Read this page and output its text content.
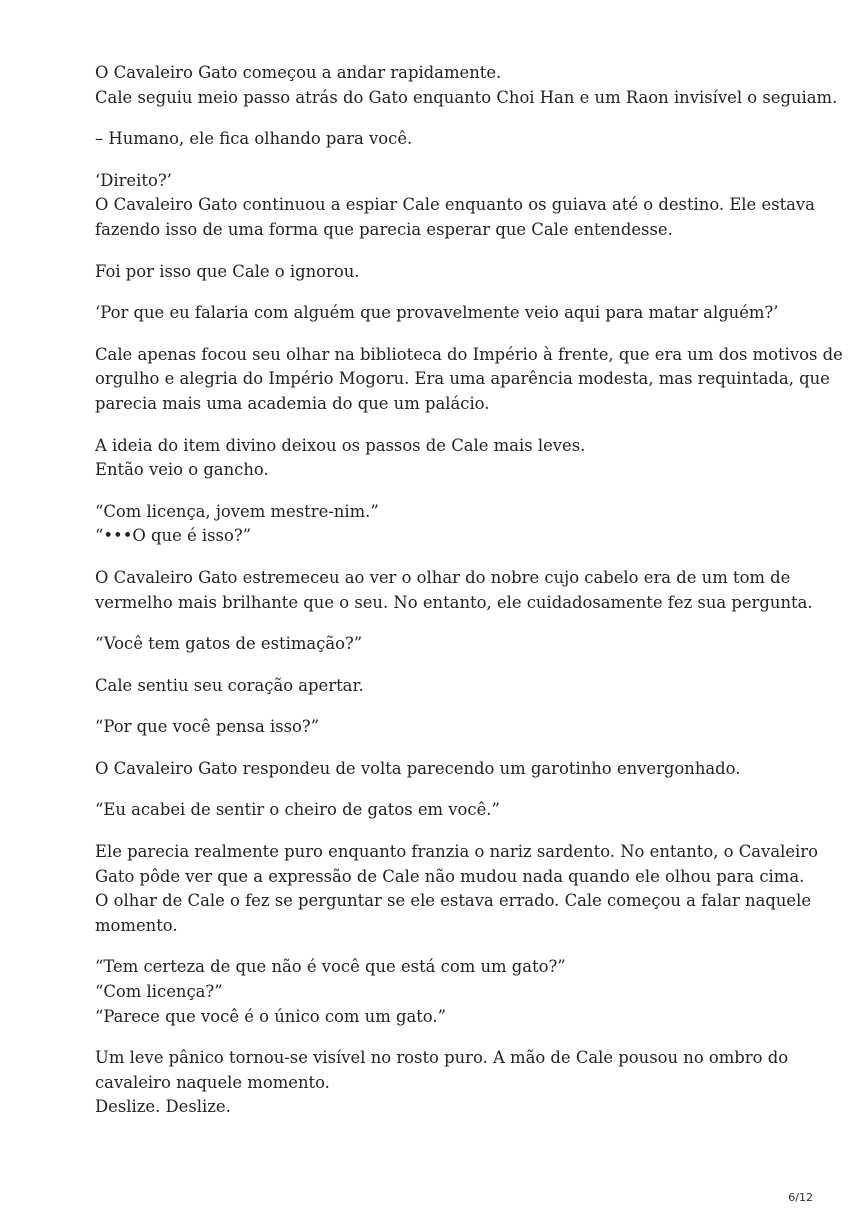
O Cavaleiro Gato começou a andar rapidamente.
Cale seguiu meio passo atrás do Gato enquanto Choi Han e um Raon invisível o seguiam.
– Humano, ele fica olhando para você.
‘Direito?’
O Cavaleiro Gato continuou a espiar Cale enquanto os guiava até o destino. Ele estava
fazendo isso de uma forma que parecia esperar que Cale entendesse.
Foi por isso que Cale o ignorou.
‘Por que eu falaria com alguém que provavelmente veio aqui para matar alguém?’
Cale apenas focou seu olhar na biblioteca do Império à frente, que era um dos motivos de
orgulho e alegria do Império Mogoru. Era uma aparência modesta, mas requintada, que
parecia mais uma academia do que um palácio.
A ideia do item divino deixou os passos de Cale mais leves.
Então veio o gancho.
“Com licença, jovem mestre-nim.”
“•••O que é isso?”
O Cavaleiro Gato estremeceu ao ver o olhar do nobre cujo cabelo era de um tom de
vermelho mais brilhante que o seu. No entanto, ele cuidadosamente fez sua pergunta.
“Você tem gatos de estimação?”
Cale sentiu seu coração apertar.
“Por que você pensa isso?”
O Cavaleiro Gato respondeu de volta parecendo um garotinho envergonhado.
“Eu acabei de sentir o cheiro de gatos em você.”
Ele parecia realmente puro enquanto franzia o nariz sardento. No entanto, o Cavaleiro
Gato pôde ver que a expressão de Cale não mudou nada quando ele olhou para cima.
O olhar de Cale o fez se perguntar se ele estava errado. Cale começou a falar naquele
momento.
“Tem certeza de que não é você que está com um gato?”
“Com licença?”
“Parece que você é o único com um gato.”
Um leve pânico tornou-se visível no rosto puro. A mão de Cale pousou no ombro do
cavaleiro naquele momento.
Deslize. Deslize.
6/12
